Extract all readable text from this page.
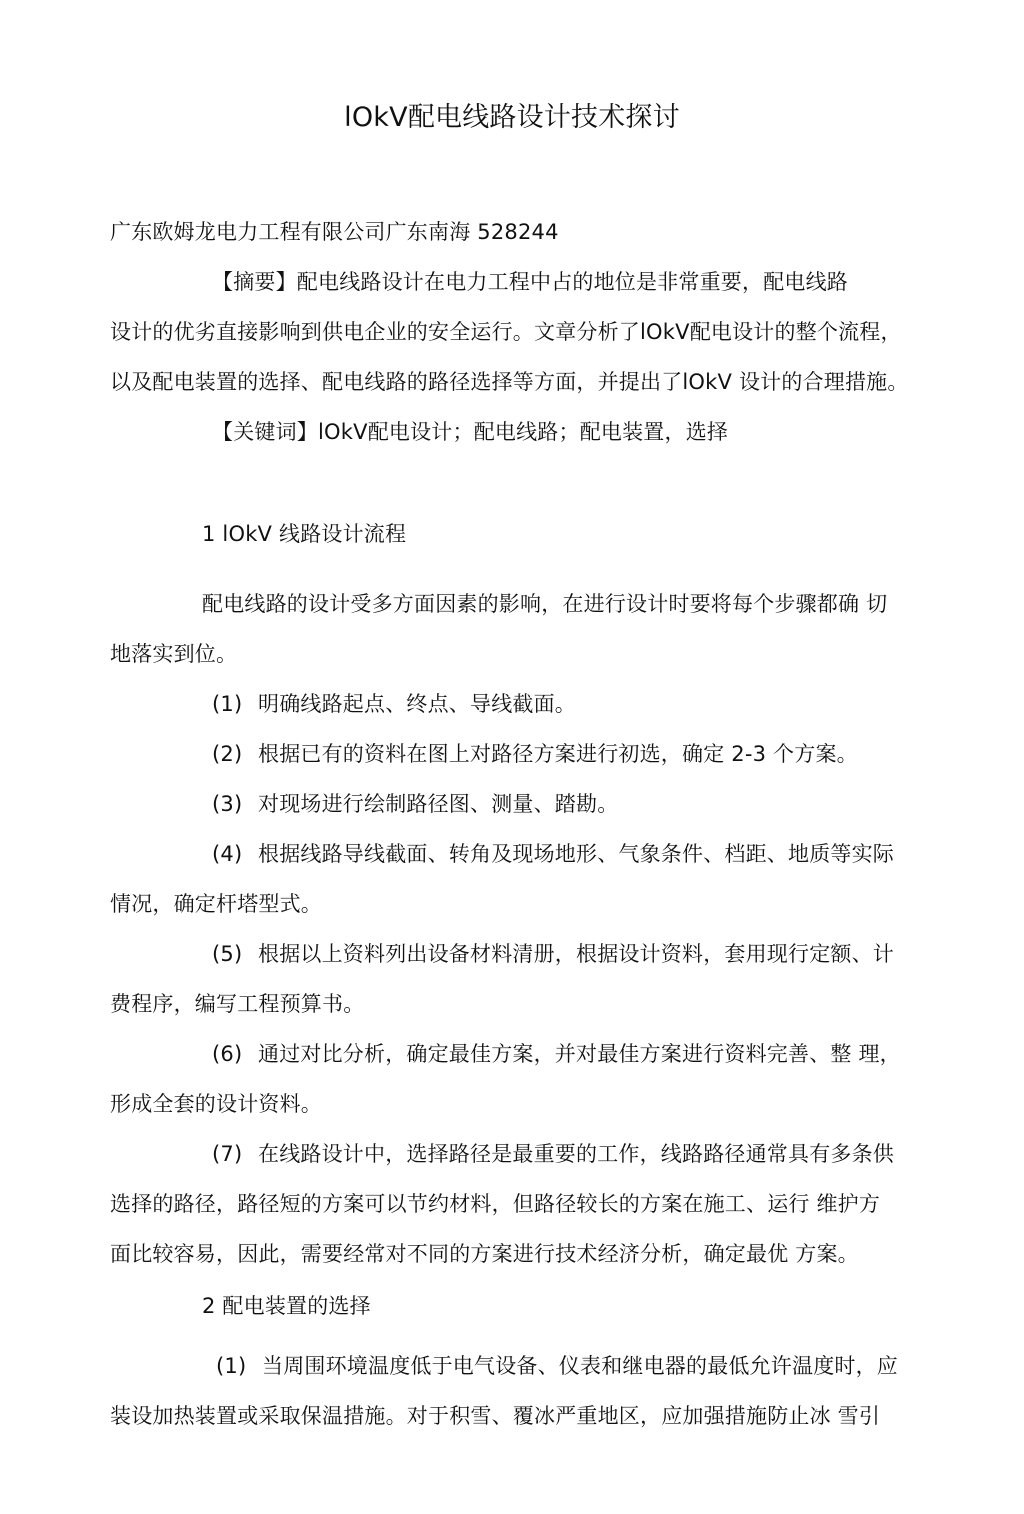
lOkV配电线路设计技术探讨
广东欧姆龙电力工程有限公司广东南海 528244
【摘要】配电线路设计在电力工程中占的地位是非常重要，配电线路
设计的优劣直接影响到供电企业的安全运行。文章分析了lOkV配电设计的整个流程，
以及配电装置的选择、配电线路的路径选择等方面，并提出了lOkV 设计的合理措施。
【关键词】lOkV配电设计；配电线路；配电装置，选择
1 lOkV 线路设计流程
配电线路的设计受多方面因素的影响，在进行设计时要将每个步骤都确 切
地落实到位。
(1) 明确线路起点、终点、导线截面。
(2) 根据已有的资料在图上对路径方案进行初选，确定 2-3 个方案。
(3) 对现场进行绘制路径图、测量、踏勘。
(4) 根据线路导线截面、转角及现场地形、气象条件、档距、地质等实际
情况，确定杆塔型式。
(5) 根据以上资料列出设备材料清册，根据设计资料，套用现行定额、计
费程序，编写工程预算书。
(6) 通过对比分析，确定最佳方案，并对最佳方案进行资料完善、整 理，
形成全套的设计资料。
(7) 在线路设计中，选择路径是最重要的工作，线路路径通常具有多条供
选择的路径，路径短的方案可以节约材料，但路径较长的方案在施工、运行 维护方
面比较容易，因此，需要经常对不同的方案进行技术经济分析，确定最优 方案。
2 配电装置的选择
(1) 当周围环境温度低于电气设备、仪表和继电器的最低允许温度时，应
装设加热装置或采取保温措施。对于积雪、覆冰严重地区，应加强措施防止冰 雪引
